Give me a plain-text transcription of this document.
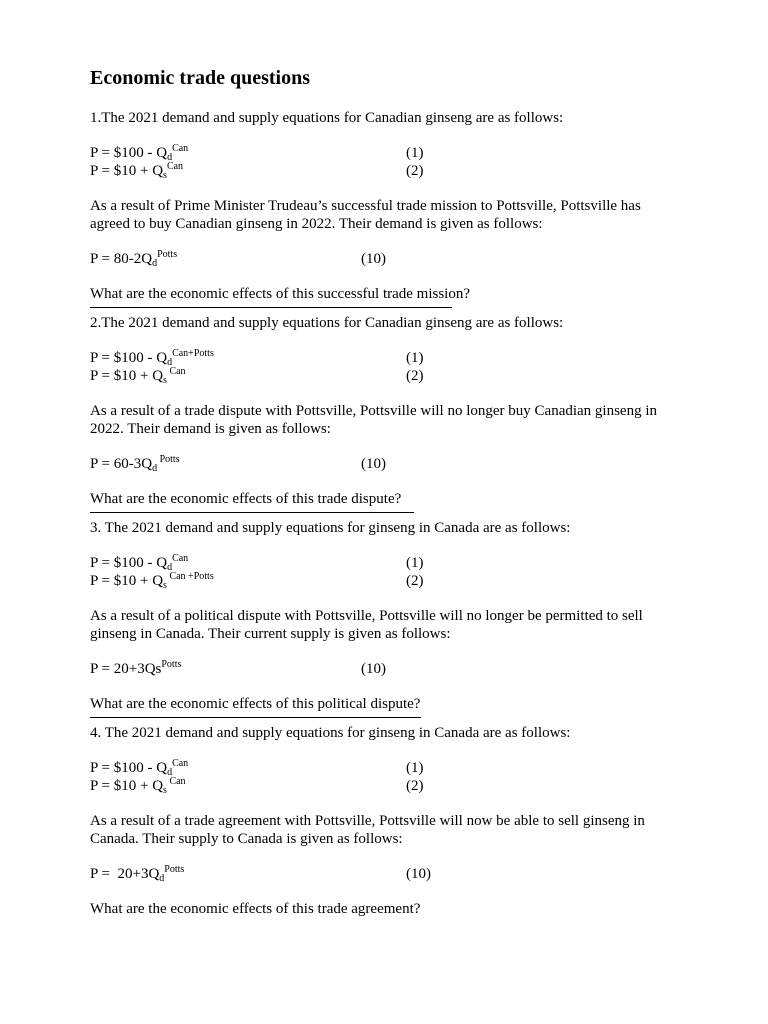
Economic trade questions

1.The 2021 demand and supply equations for Canadian ginseng are as follows:

P = $100 - $Q_d^{Can}$	(1)
P = $10 + $Q_s^{Can}$	(2)

As a result of Prime Minister Trudeau’s successful trade mission to Pottsville, Pottsville has agreed to buy Canadian ginseng in 2022. Their demand is given as follows:

$P = 80-2Q_d^{Potts}$	(10)

What are the economic effects of this successful trade mission?

2.The 2021 demand and supply equations for Canadian ginseng are as follows:

P = $100 - $Q_d^{Can+Potts}$	(1)
P = $10 + $Q_s$ $^{Can}$	(2)

As a result of a trade dispute with Pottsville, Pottsville will no longer buy Canadian ginseng in 2022. Their demand is given as follows:

$P = 60-3Q_d$ $^{Potts}$	(10)

What are the economic effects of this trade dispute?

3. The 2021 demand and supply equations for ginseng in Canada are as follows:

P = $100 - $Q_d^{Can}$	(1)
P = $10 + $Q_s$ $^{Can +Potts}$	(2)

As a result of a political dispute with Pottsville, Pottsville will no longer be permitted to sell ginseng in Canada. Their current supply is given as follows:

$P = 20+3Qs^{Potts}$	(10)

What are the economic effects of this political dispute?

4. The 2021 demand and supply equations for ginseng in Canada are as follows:

P = $100 - $Q_d^{Can}$	(1)
P = $10 + $Q_s$ $^{Can}$	(2)

As a result of a trade agreement with Pottsville, Pottsville will now be able to sell ginseng in Canada. Their supply to Canada is given as follows:

$P = 20+3Q_d^{Potts}$	(10)

What are the economic effects of this trade agreement?
